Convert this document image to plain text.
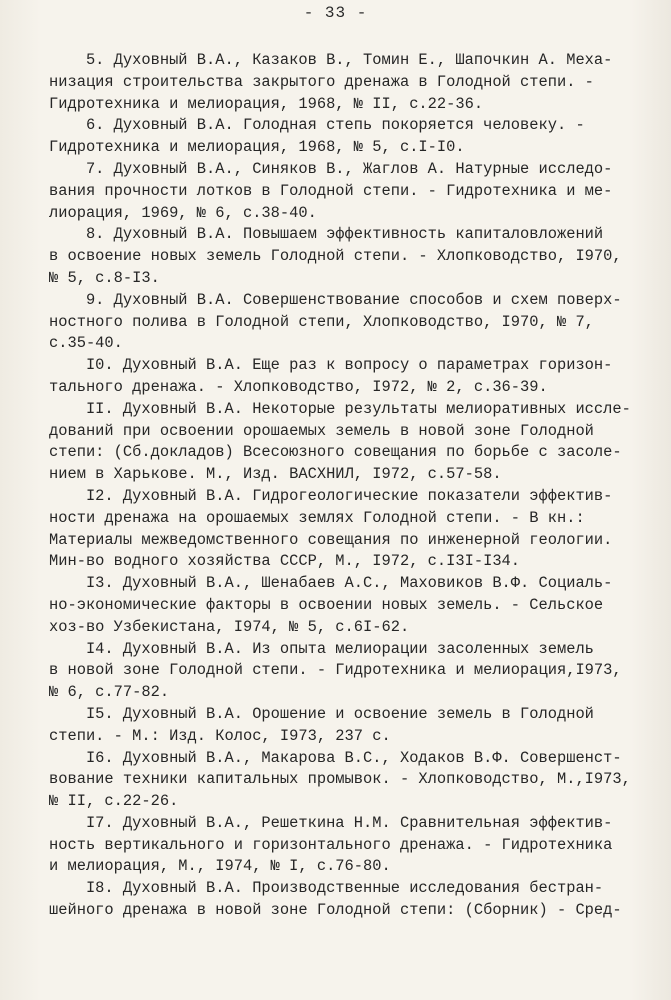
- 33 -
5. Духовный В.А., Казаков В., Томин Е., Шапочкин А. Меха-
низация строительства закрытого дренажа в Голодной степи. -
Гидротехника и мелиорация, 1968, № II, с.22-36.
6. Духовный В.А. Голодная степь покоряется человеку. -
Гидротехника и мелиорация, 1968, № 5, с.I-I0.
7. Духовный В.А., Синяков В., Жаглов А. Натурные исследо-
вания прочности лотков в Голодной степи. - Гидротехника и ме-
лиорация, 1969, № 6, с.38-40.
8. Духовный В.А. Повышаем эффективность капиталовложений
в освоение новых земель Голодной степи. - Хлопководство, I970,
№ 5, с.8-I3.
9. Духовный В.А. Совершенствование способов и схем поверх-
ностного полива в Голодной степи, Хлопководство, I970, № 7,
с.35-40.
I0. Духовный В.А. Еще раз к вопросу о параметрах горизон-
тального дренажа. - Хлопководство, I972, № 2, с.36-39.
II. Духовный В.А. Некоторые результаты мелиоративных иссле-
дований при освоении орошаемых земель в новой зоне Голодной
степи: (Сб.докладов) Всесоюзного совещания по борьбе с засоле-
нием в Харькове. М., Изд. ВАСХНИЛ, I972, с.57-58.
I2. Духовный В.А. Гидрогеологические показатели эффектив-
ности дренажа на орошаемых землях Голодной степи. - В кн.:
Материалы межведомственного совещания по инженерной геологии.
Мин-во водного хозяйства СССР, М., I972, с.I3I-I34.
I3. Духовный В.А., Шенабаев А.С., Маховиков В.Ф. Социаль-
но-экономические факторы в освоении новых земель. - Сельское
хоз-во Узбекистана, I974, № 5, с.6I-62.
I4. Духовный В.А. Из опыта мелиорации засоленных земель
в новой зоне Голодной степи. - Гидротехника и мелиорация,I973,
№ 6, с.77-82.
I5. Духовный В.А. Орошение и освоение земель в Голодной
степи. - М.: Изд. Колос, I973, 237 с.
I6. Духовный В.А., Макарова В.С., Ходаков В.Ф. Совершенст-
вование техники капитальных промывок. - Хлопководство, М.,I973,
№ II, с.22-26.
I7. Духовный В.А., Решеткина Н.М. Сравнительная эффектив-
ность вертикального и горизонтального дренажа. - Гидротехника
и мелиорация, М., I974, № I, с.76-80.
I8. Духовный В.А. Производственные исследования бестран-
шейного дренажа в новой зоне Голодной степи: (Сборник) - Сред-
